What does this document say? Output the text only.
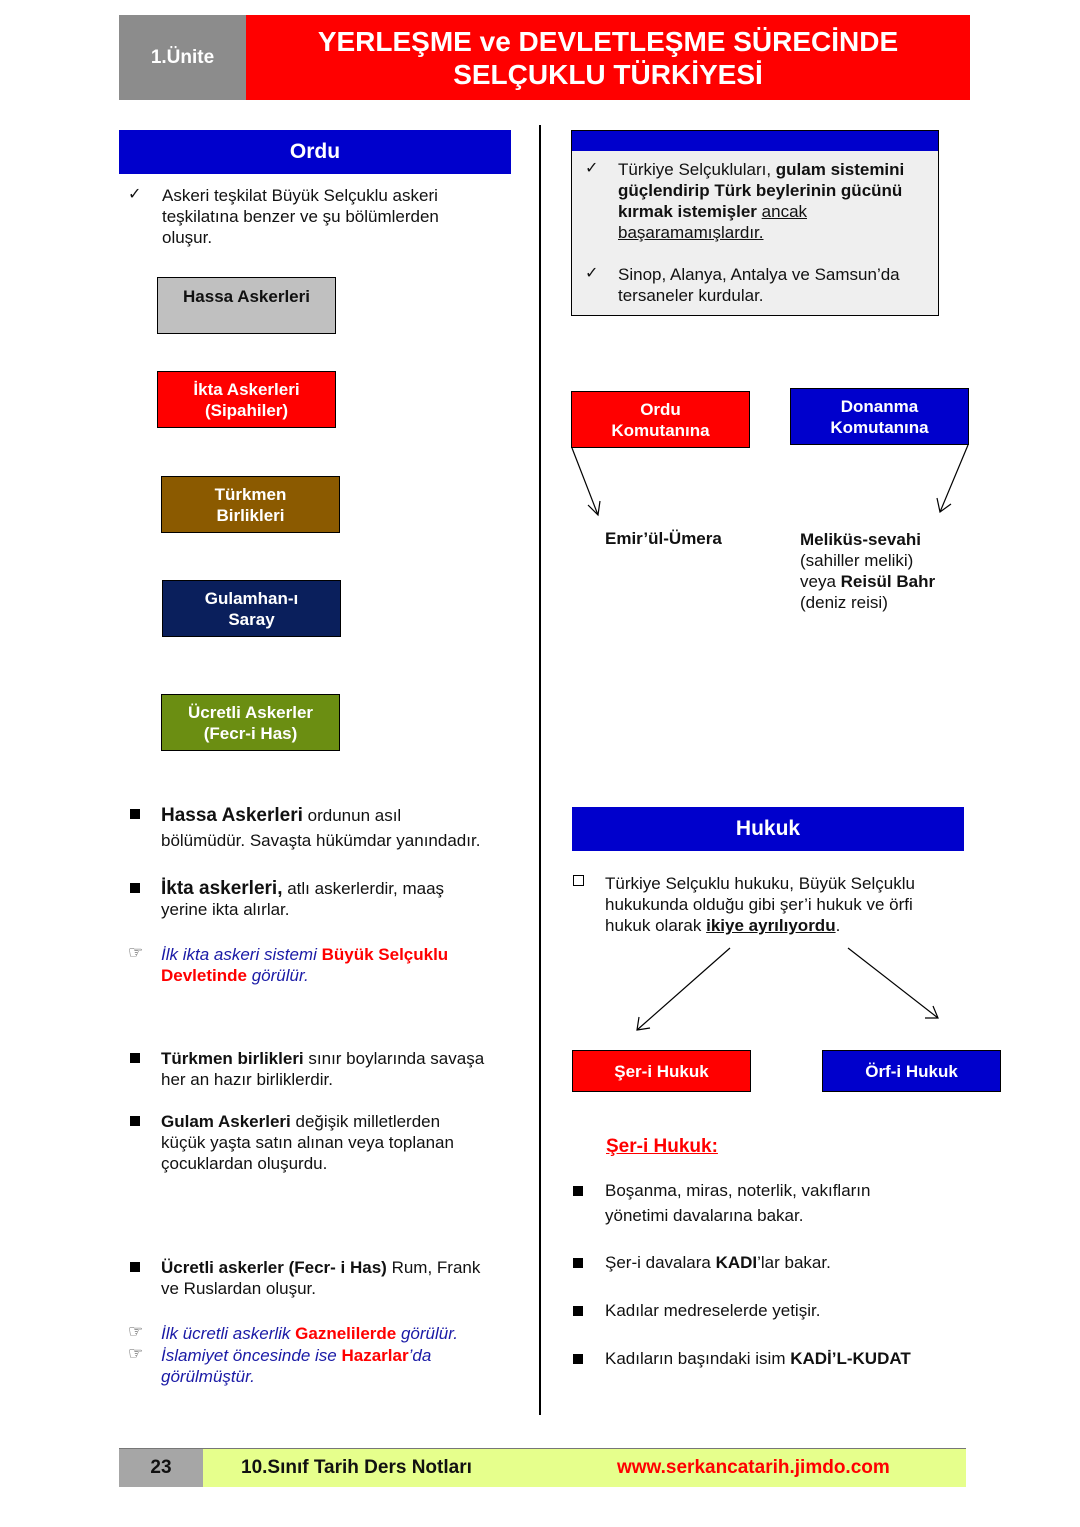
1.Ünite
YERLEŞME ve DEVLETLEŞME SÜRECİNDE
SELÇUKLU TÜRKİYESİ
Ordu
✓ Askeri teşkilat Büyük Selçuklu askeri teşkilatına benzer ve şu bölümlerden oluşur.
Hassa Askerleri
İkta Askerleri
(Sipahiler)
Türkmen
Birlikleri
Gulamhan-ı
Saray
Ücretli Askerler
(Fecr-i Has)
Hassa Askerleri ordunun asıl
bölümüdür. Savaşta hükümdar yanındadır.
İkta askerleri, atlı askerlerdir, maaş
yerine ikta alırlar.
☞ İlk ikta askeri sistemi Büyük Selçuklu
Devletinde görülür.
Türkmen birlikleri sınır boylarında savaşa
her an hazır birliklerdir.
Gulam Askerleri değişik milletlerden
küçük yaşta satın alınan veya toplanan
çocuklardan oluşurdu.
Ücretli askerler (Fecr- i Has) Rum, Frank
ve Ruslardan oluşur.
☞ İlk ücretli askerlik Gaznelilerde görülür.
☞ İslamiyet öncesinde ise Hazarlar’da
görülmüştür.
✓ Türkiye Selçukluları, gulam sistemini
güçlendirip Türk beylerinin gücünü
kırmak istemişler ancak
başaramamışlardır.
✓ Sinop, Alanya, Antalya ve Samsun’da
tersaneler kurdular.
Ordu
Komutanına
Donanma
Komutanına
Emir’ül-Ümera	Meliküs-sevahi
(sahiller meliki)
veya Reisül Bahr
(deniz reisi)
Hukuk
Türkiye Selçuklu hukuku, Büyük Selçuklu
hukukunda olduğu gibi şer’i hukuk ve örfi
hukuk olarak ikiye ayrılıyordu.
Şer-i Hukuk	Örf-i Hukuk
Şer-i Hukuk:
Boşanma, miras, noterlik, vakıfların
yönetimi davalarına bakar.
Şer-i davalara KADI’lar bakar.
Kadılar medreselerde yetişir.
Kadıların başındaki isim KADİ’L-KUDAT
23	10.Sınıf Tarih Ders Notları	www.serkancatarih.jimdo.com
